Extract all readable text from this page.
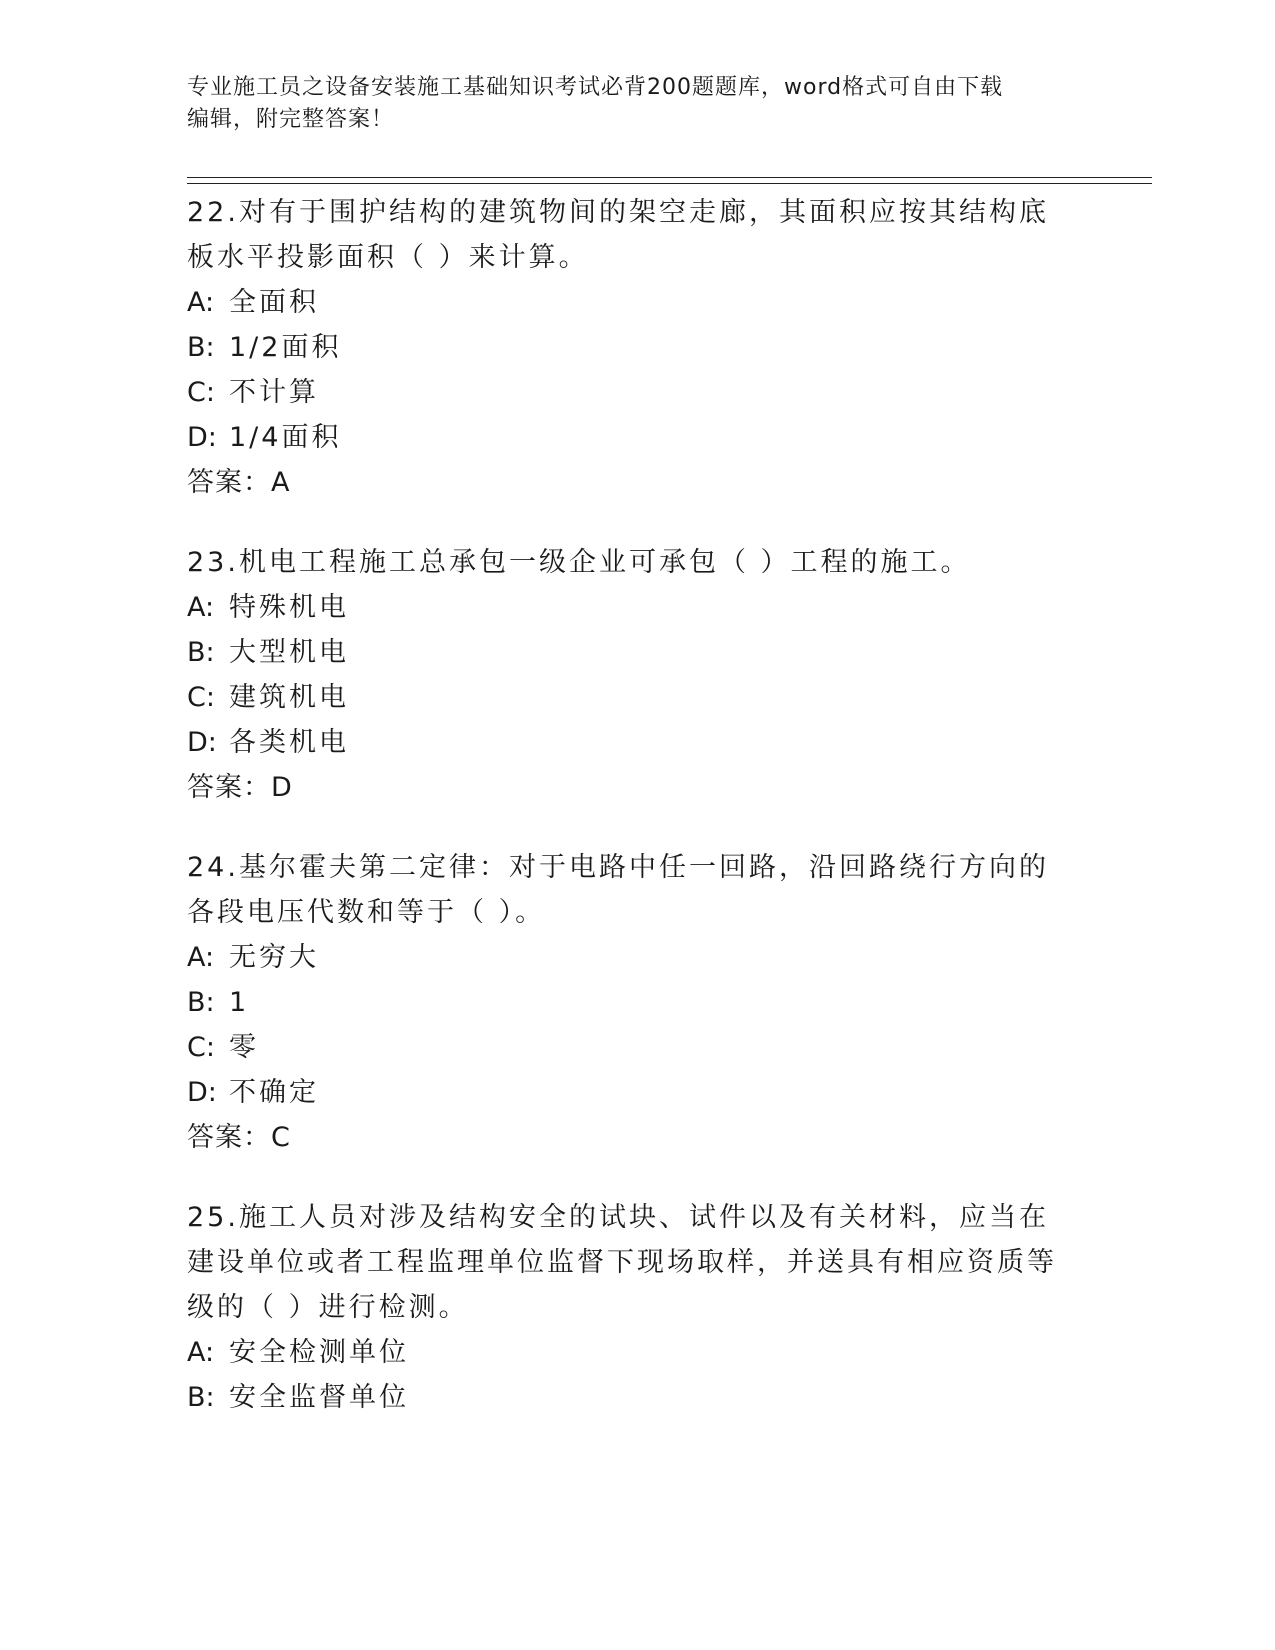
专业施工员之设备安装施工基础知识考试必背200题题库，word格式可自由下载
编辑，附完整答案！
22.对有于围护结构的建筑物间的架空走廊，其面积应按其结构底板水平投影面积（ ）来计算。
A: 全面积
B: 1/2面积
C: 不计算
D: 1/4面积
答案：A
23.机电工程施工总承包一级企业可承包（ ）工程的施工。
A: 特殊机电
B: 大型机电
C: 建筑机电
D: 各类机电
答案：D
24.基尔霍夫第二定律：对于电路中任一回路，沿回路绕行方向的各段电压代数和等于（ ）。
A: 无穷大
B: 1
C: 零
D: 不确定
答案：C
25.施工人员对涉及结构安全的试块、试件以及有关材料，应当在建设单位或者工程监理单位监督下现场取样，并送具有相应资质等级的（ ）进行检测。
A: 安全检测单位
B: 安全监督单位
